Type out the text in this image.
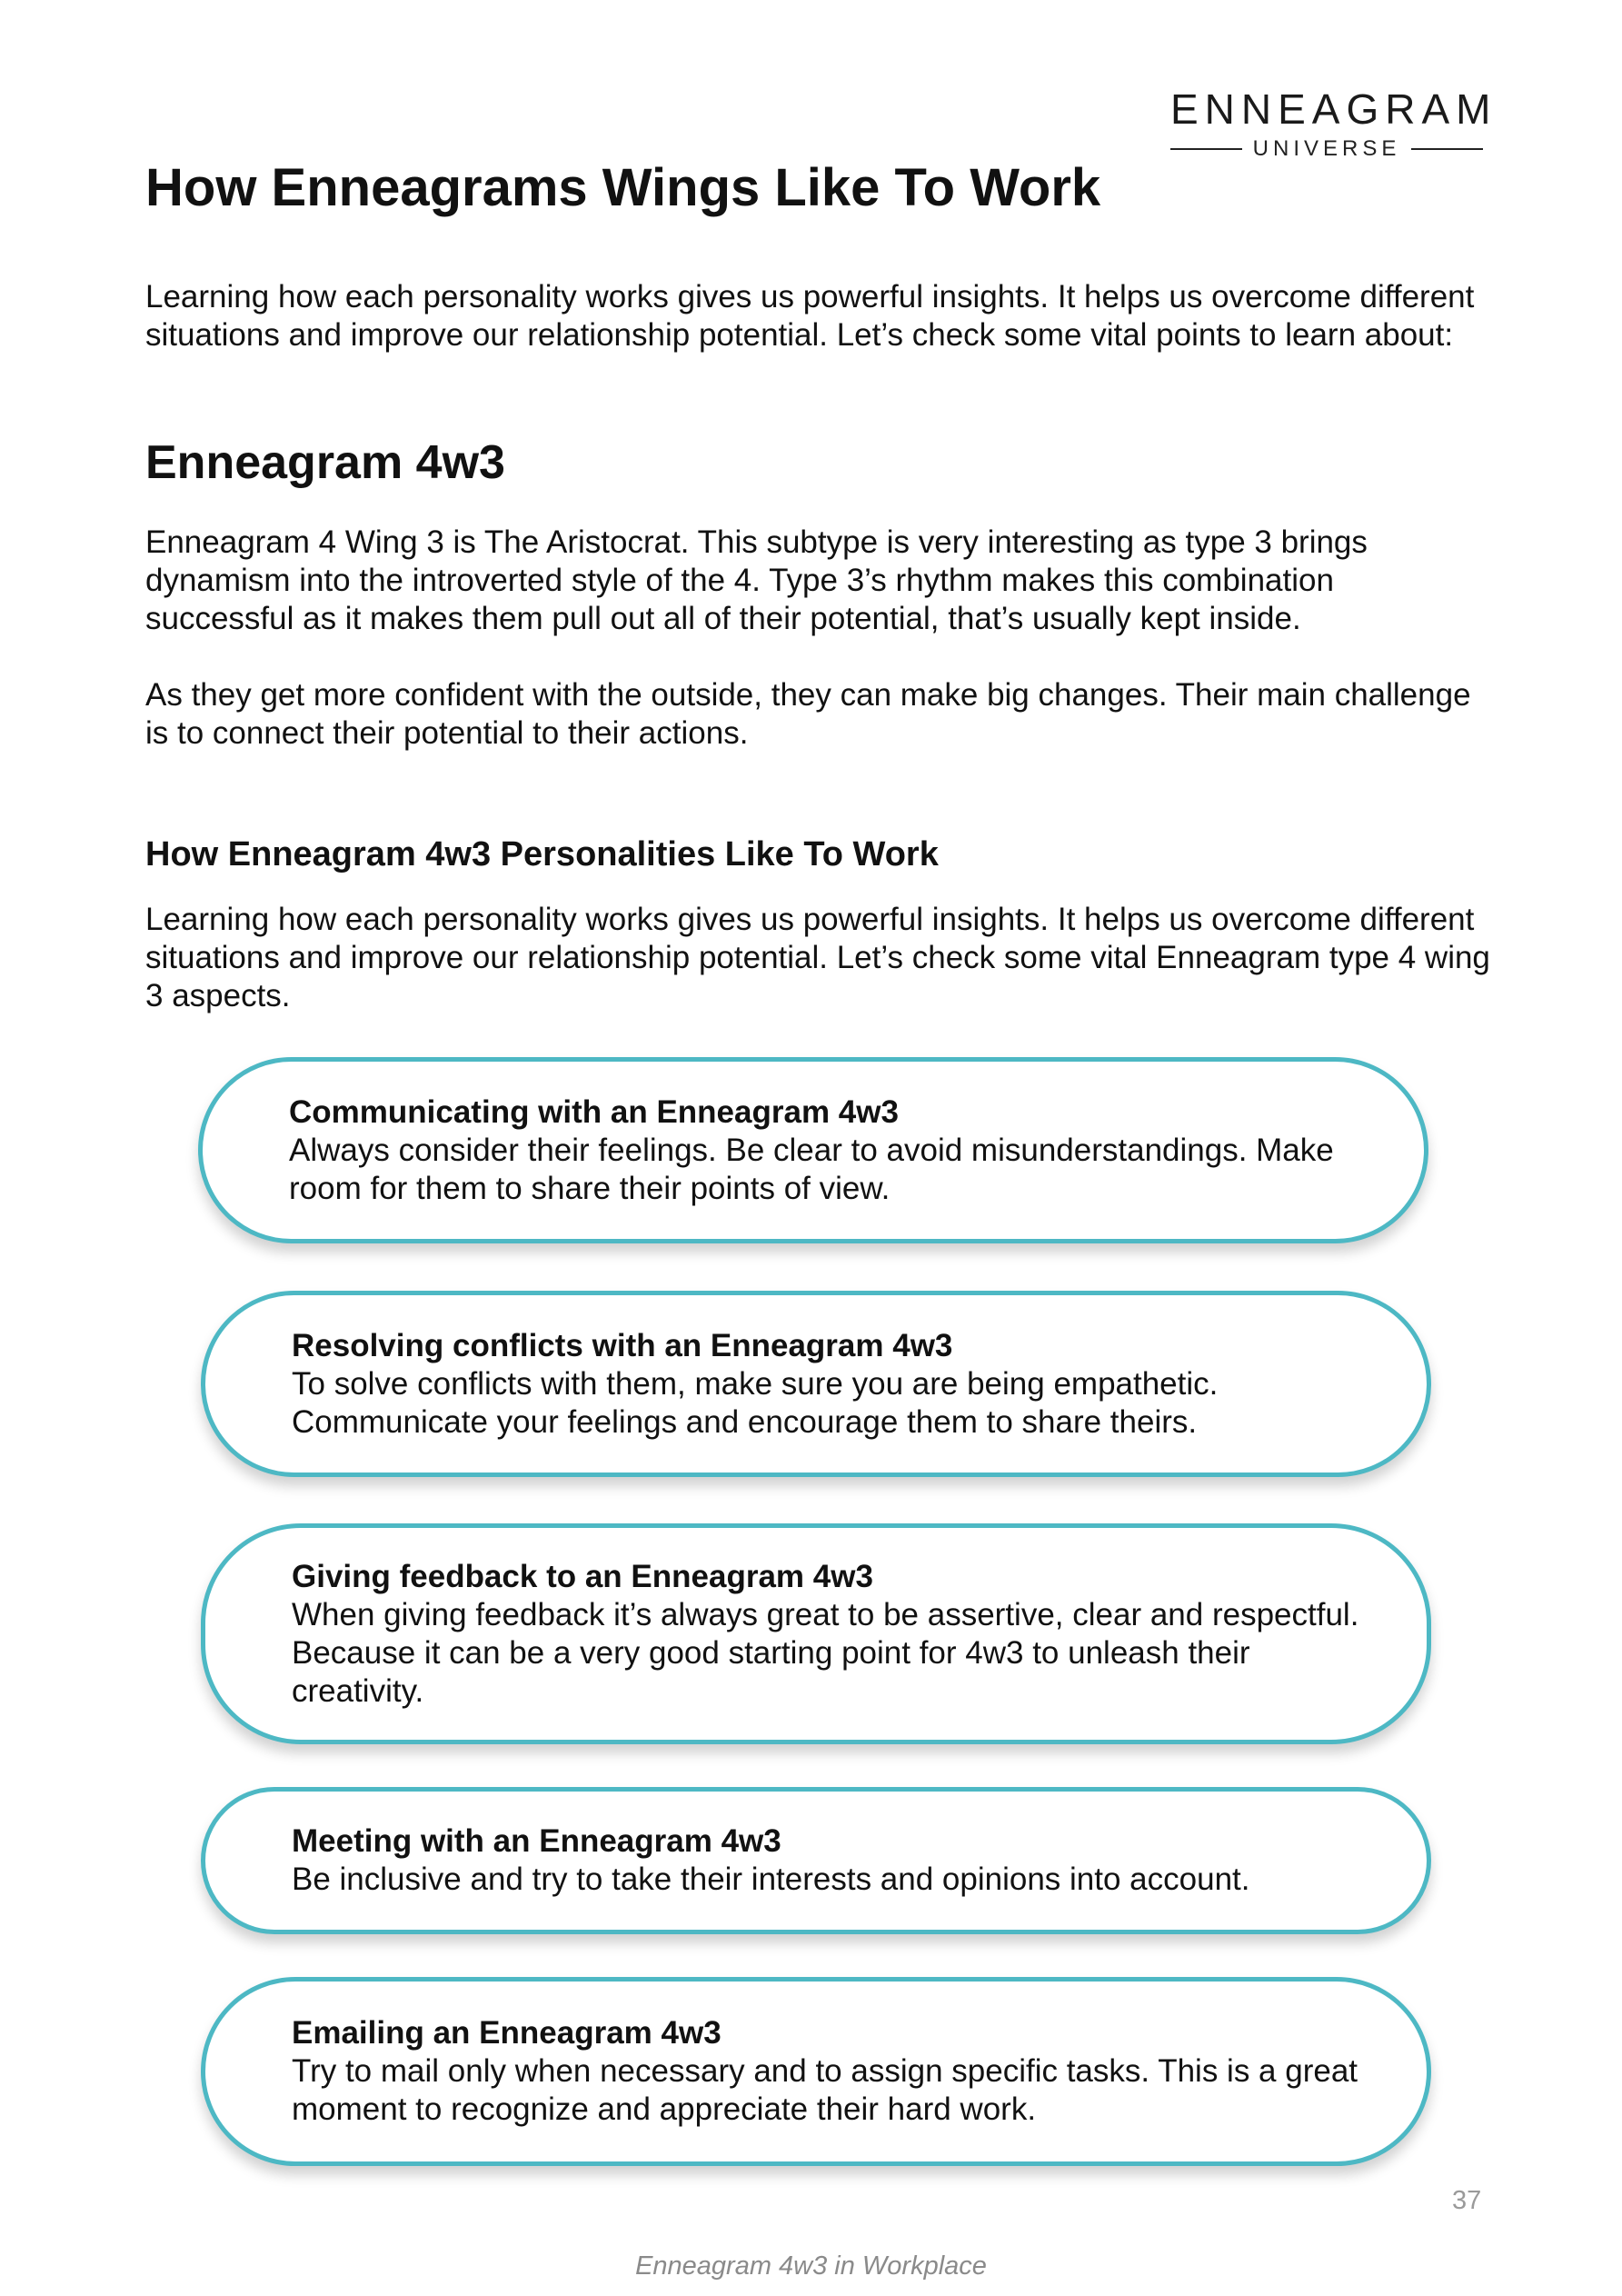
ENNEAGRAM
UNIVERSE
How Enneagrams Wings Like To Work

Learning how each personality works gives us powerful insights. It helps us overcome different situations and improve our relationship potential. Let’s check some vital points to learn about:

Enneagram 4w3

Enneagram 4 Wing 3 is The Aristocrat. This subtype is very interesting as type 3 brings dynamism into the introverted style of the 4. Type 3’s rhythm makes this combination successful as it makes them pull out all of their potential, that’s usually kept inside.

As they get more confident with the outside, they can make big changes. Their main challenge is to connect their potential to their actions.

How Enneagram 4w3 Personalities Like To Work

Learning how each personality works gives us powerful insights. It helps us overcome different situations and improve our relationship potential. Let’s check some vital Enneagram type 4 wing 3 aspects.

Communicating with an Enneagram 4w3
Always consider their feelings. Be clear to avoid misunderstandings. Make room for them to share their points of view.
Resolving conflicts with an Enneagram 4w3
To solve conflicts with them, make sure you are being empathetic. Communicate your feelings and encourage them to share theirs.
Giving feedback to an Enneagram 4w3
When giving feedback it’s always great to be assertive, clear and respectful. Because it can be a very good starting point for 4w3 to unleash their creativity.
Meeting with an Enneagram 4w3
Be inclusive and try to take their interests and opinions into account.
Emailing an Enneagram 4w3
Try to mail only when necessary and to assign specific tasks. This is a great moment to recognize and appreciate their hard work.
37
Enneagram 4w3 in Workplace
